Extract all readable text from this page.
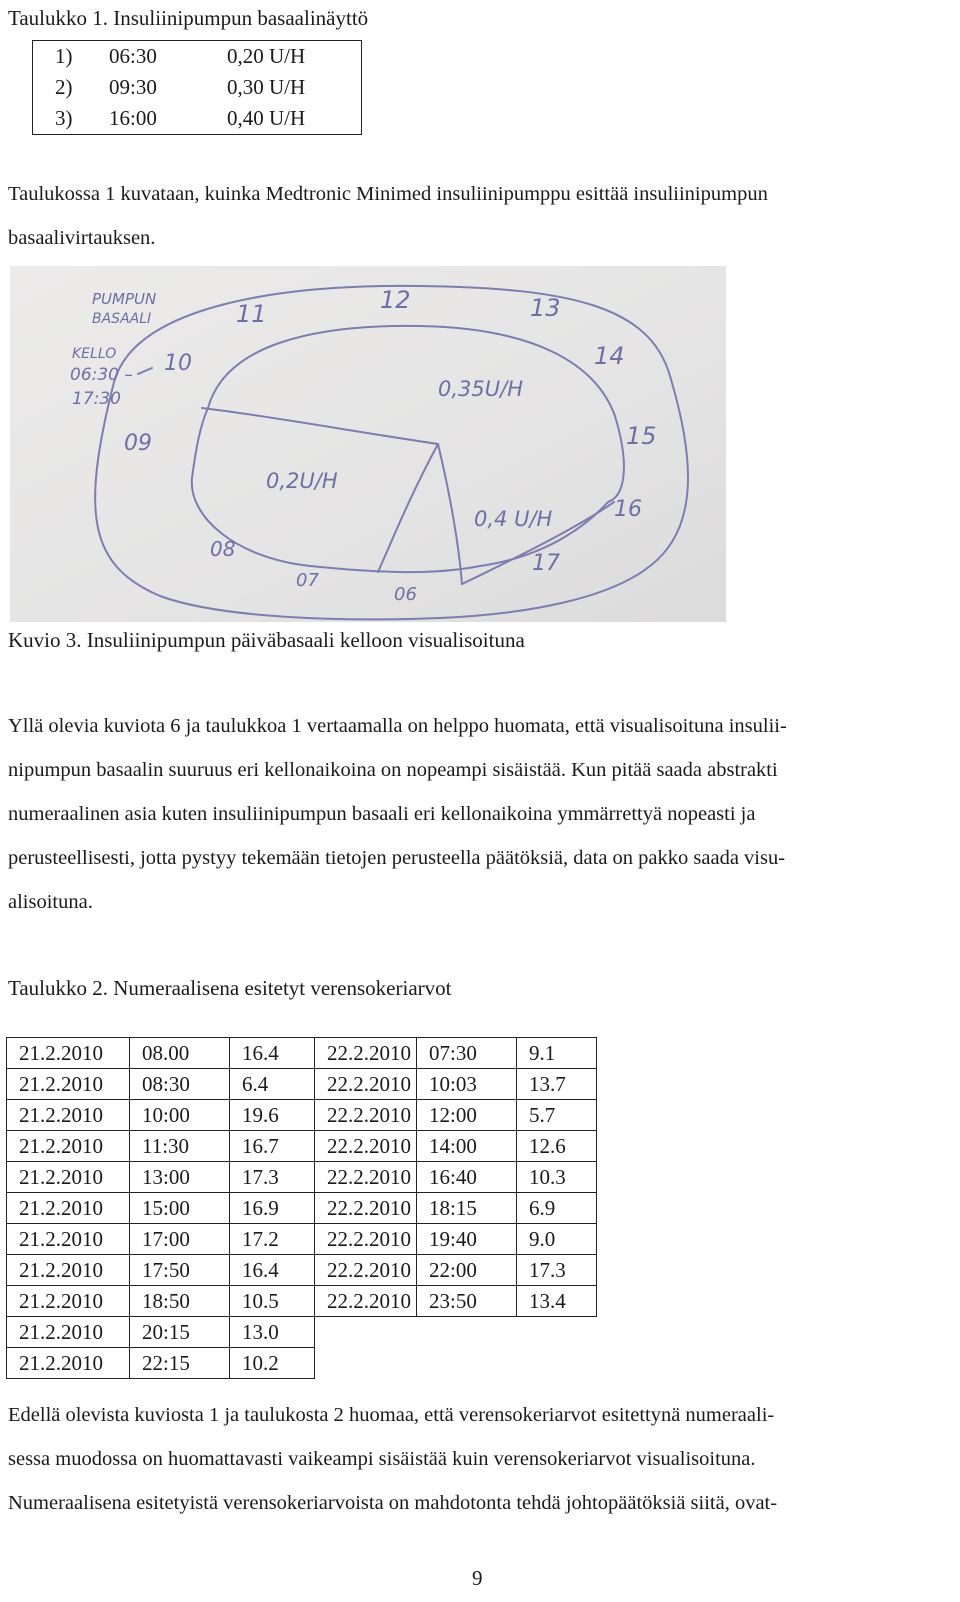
Taulukko 1. Insuliinipumpun basaalinäyttö
1)	06:30	0,20 U/H
2)	09:30	0,30 U/H
3)	16:00	0,40 U/H
Taulukossa 1 kuvataan, kuinka Medtronic Minimed insuliinipumppu esittää insuliinipumpun
basaalivirtauksen.
PUMPUN
BASAALI
KELLO
06:30 –
17:30
09
10
11	12	13
14
15
16
17
06
07
08
0,2U/H
0,35U/H
0,4 U/H
Kuvio 3. Insuliinipumpun päiväbasaali kelloon visualisoituna
Yllä olevia kuviota 6 ja taulukkoa 1 vertaamalla on helppo huomata, että visualisoituna insulii-
nipumpun basaalin suuruus eri kellonaikoina on nopeampi sisäistää. Kun pitää saada abstrakti
numeraalinen asia kuten insuliinipumpun basaali eri kellonaikoina ymmärrettyä nopeasti ja
perusteellisesti, jotta pystyy tekemään tietojen perusteella päätöksiä, data on pakko saada visu-
alisoituna.
Taulukko 2. Numeraalisena esitetyt verensokeriarvot
21.2.2010	08.00	16.4	22.2.2010	07:30	9.1
21.2.2010	08:30	6.4	22.2.2010	10:03	13.7
21.2.2010	10:00	19.6	22.2.2010	12:00	5.7
21.2.2010	11:30	16.7	22.2.2010	14:00	12.6
21.2.2010	13:00	17.3	22.2.2010	16:40	10.3
21.2.2010	15:00	16.9	22.2.2010	18:15	6.9
21.2.2010	17:00	17.2	22.2.2010	19:40	9.0
21.2.2010	17:50	16.4	22.2.2010	22:00	17.3
21.2.2010	18:50	10.5	22.2.2010	23:50	13.4
21.2.2010	20:15	13.0			
21.2.2010	22:15	10.2			
Edellä olevista kuviosta 1 ja taulukosta 2 huomaa, että verensokeriarvot esitettynä numeraali-
sessa muodossa on huomattavasti vaikeampi sisäistää kuin verensokeriarvot visualisoituna.
Numeraalisena esitetyistä verensokeriarvoista on mahdotonta tehdä johtopäätöksiä siitä, ovat-
9
